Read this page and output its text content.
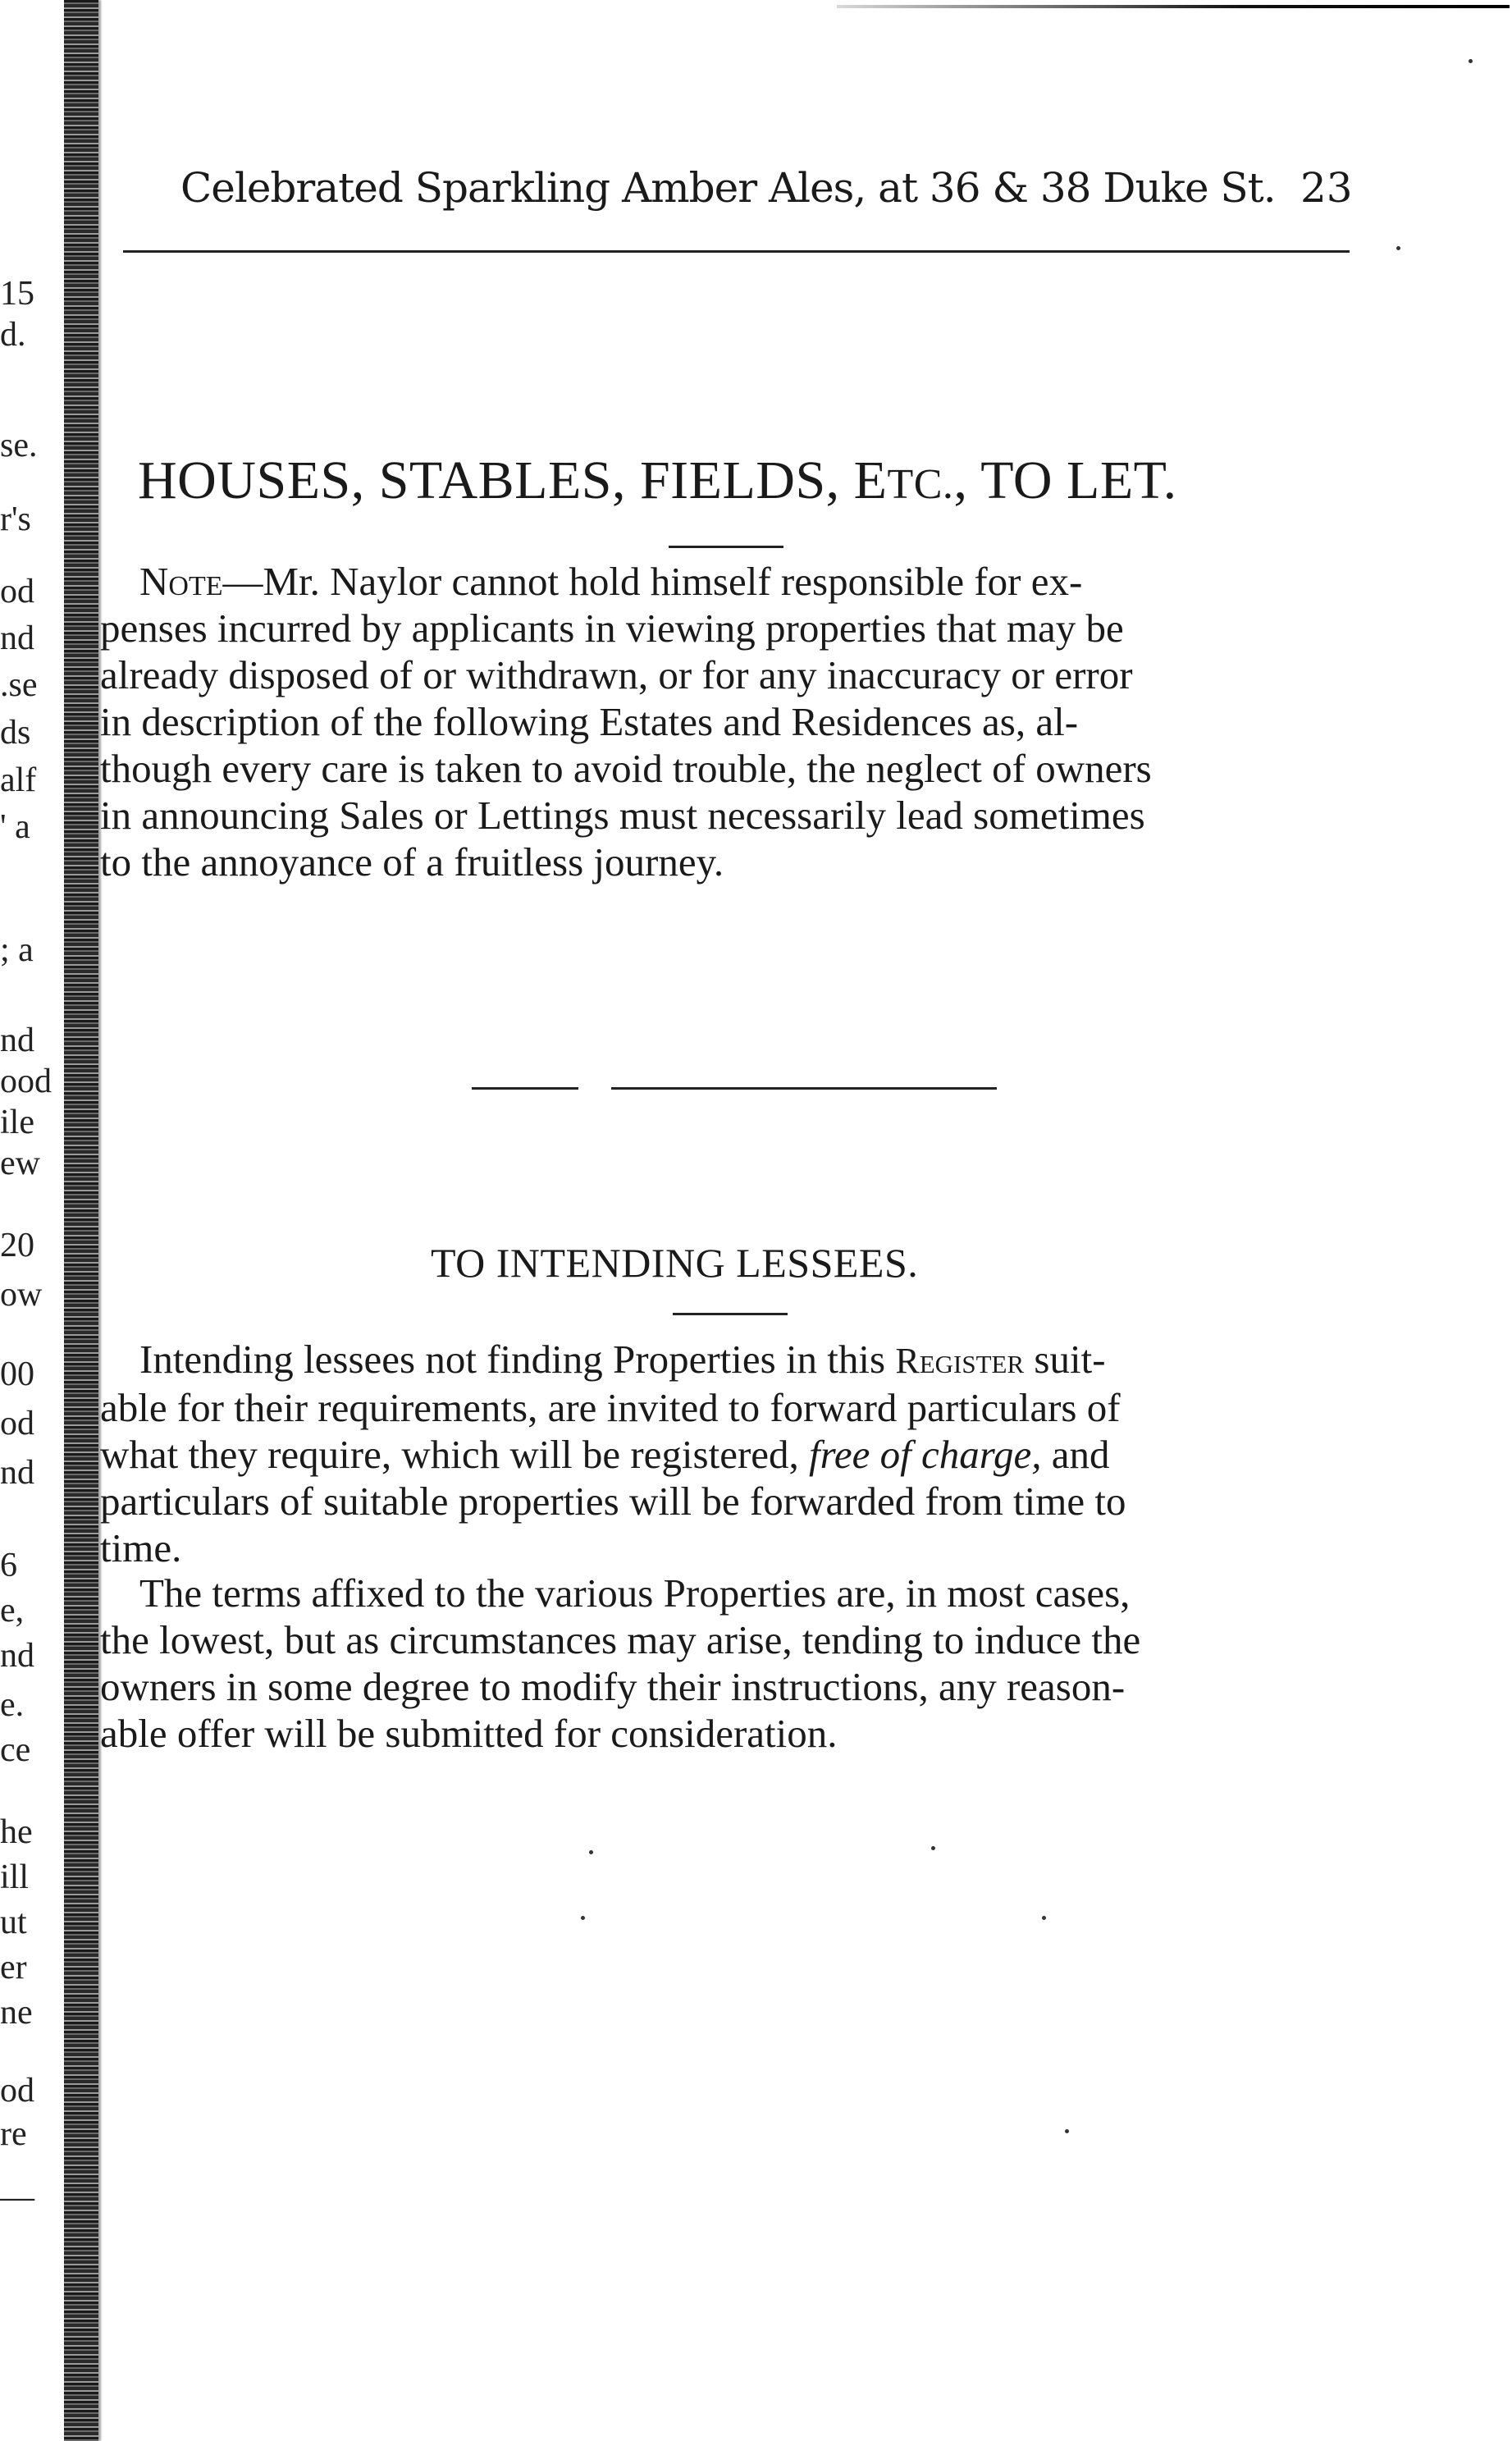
15
d.
se.
r's
od
nd
.se
ds
alf
' a
; a
nd
ood
ile
ew
20
ow
00
od
nd
6
e,
nd
e.
ce
he
ill
ut
er
ne
od
re
—
Celebrated Sparkling Amber Ales, at 36 & 38 Duke St. 23
HOUSES, STABLES, FIELDS, ETC., TO LET.
Note—Mr. Naylor cannot hold himself responsible for ex-
penses incurred by applicants in viewing properties that may be
already disposed of or withdrawn, or for any inaccuracy or error
in description of the following Estates and Residences as, al-
though every care is taken to avoid trouble, the neglect of owners
in announcing Sales or Lettings must necessarily lead sometimes
to the annoyance of a fruitless journey.
TO INTENDING LESSEES.
Intending lessees not finding Properties in this Register suit-
able for their requirements, are invited to forward particulars of
what they require, which will be registered, free of charge, and
particulars of suitable properties will be forwarded from time to
time.
The terms affixed to the various Properties are, in most cases,
the lowest, but as circumstances may arise, tending to induce the
owners in some degree to modify their instructions, any reason-
able offer will be submitted for consideration.
